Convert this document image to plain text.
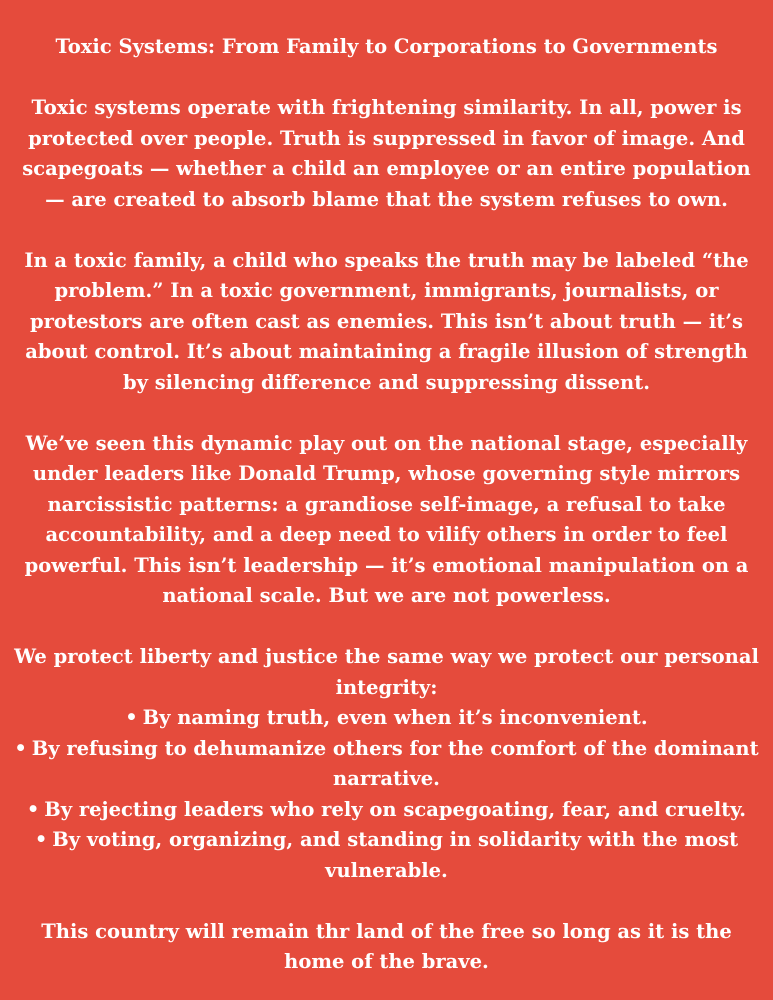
Toxic Systems: From Family to Corporations to Governments

Toxic systems operate with frightening similarity. In all, power is protected over people. Truth is suppressed in favor of image. And scapegoats — whether a child an employee or an entire population — are created to absorb blame that the system refuses to own.

In a toxic family, a child who speaks the truth may be labeled “the problem.” In a toxic government, immigrants, journalists, or protestors are often cast as enemies. This isn’t about truth — it’s about control. It’s about maintaining a fragile illusion of strength by silencing difference and suppressing dissent.

We’ve seen this dynamic play out on the national stage, especially under leaders like Donald Trump, whose governing style mirrors narcissistic patterns: a grandiose self-image, a refusal to take accountability, and a deep need to vilify others in order to feel powerful. This isn’t leadership — it’s emotional manipulation on a national scale. But we are not powerless.

We protect liberty and justice the same way we protect our personal integrity:
• By naming truth, even when it’s inconvenient.
• By refusing to dehumanize others for the comfort of the dominant narrative.
• By rejecting leaders who rely on scapegoating, fear, and cruelty.
• By voting, organizing, and standing in solidarity with the most vulnerable.

This country will remain thr land of the free so long as it is the home of the brave.
